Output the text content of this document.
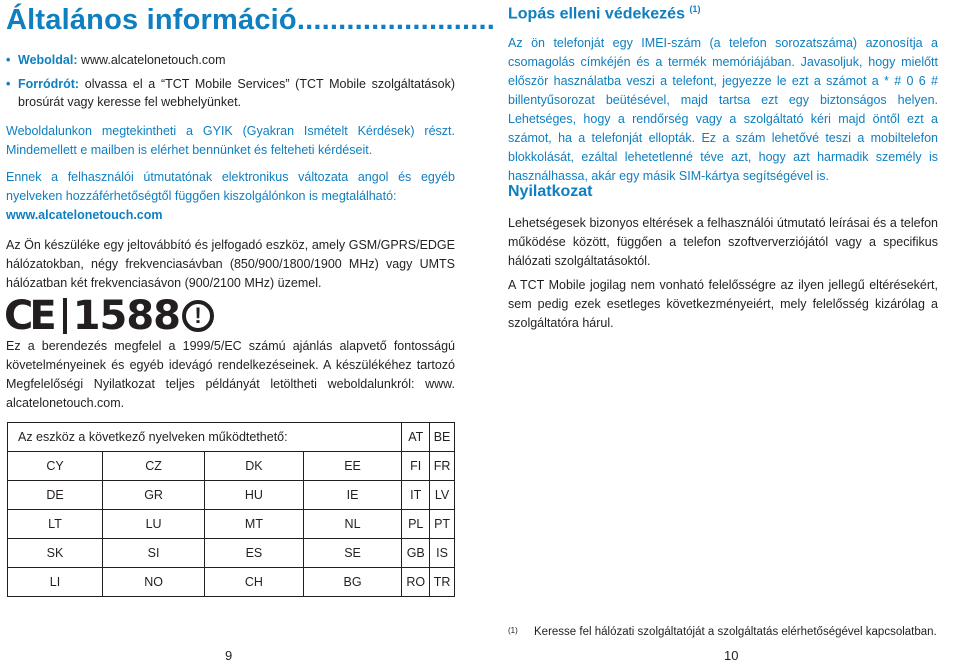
Általános információ........................
• Weboldal: www.alcatelonetouch.com
• Forródrót: olvassa el a “TCT Mobile Services” (TCT Mobile szolgáltatások) brosúrát vagy keresse fel webhelyünket.

Weboldalunkon megtekintheti a GYIK (Gyakran Ismételt Kérdések) részt. Mindemellett e mailben is elérhet bennünket és felteheti kérdéseit.

Ennek a felhasználói útmutatónak elektronikus változata angol és egyéb nyelveken hozzáférhetőségtől függően kiszolgálónkon is megtalálható:
www.alcatelonetouch.com

Az Ön készüléke egy jeltovábbító és jelfogadó eszköz, amely GSM/GPRS/EDGE hálózatokban, négy frekvenciasávban (850/900/1800/1900 MHz) vagy UMTS hálózatban két frekvenciasávon (900/2100 MHz) üzemel.

CE 1588 !

Ez a berendezés megfelel a 1999/5/EC számú ajánlás alapvető fontosságú követelményeinek és egyéb idevágó rendelkezéseinek. A készülékéhez tartozó Megfelelőségi Nyilatkozat teljes példányát letöltheti weboldalunkról: www. alcatelonetouch.com.

Az eszköz a következő nyelveken működtethető:				AT	BE
CY	CZ	DK	EE	FI	FR
DE	GR	HU	IE	IT	LV
LT	LU	MT	NL	PL	PT
SK	SI	ES	SE	GB	IS
LI	NO	CH	BG	RO	TR
9
Lopás elleni védekezés $^{(1)}$

Az ön telefonját egy IMEI-szám (a telefon sorozatszáma) azonosítja a csomagolás címkéjén és a termék memóriájában. Javasoljuk, hogy mielőtt először használatba veszi a telefont, jegyezze le ezt a számot a * # 0 6 # billentyűsorozat beütésével, majd tartsa ezt egy biztonságos helyen. Lehetséges, hogy a rendőrség vagy a szolgáltató kéri majd öntől ezt a számot, ha a telefonját ellopták. Ez a szám lehetővé teszi a mobiltelefon blokkolását, ezáltal lehetetlenné téve azt, hogy azt harmadik személy is használhassa, akár egy másik SIM-kártya segítségével is.

Nyilatkozat

Lehetségesek bizonyos eltérések a felhasználói útmutató leírásai és a telefon működése között, függően a telefon szoftververziójától vagy a specifikus hálózati szolgáltatásoktól.

A TCT Mobile jogilag nem vonható felelősségre az ilyen jellegű eltérésekért, sem pedig ezek esetleges következményeiért, mely felelősség kizárólag a szolgáltatóra hárul.

(1)	Keresse fel hálózati szolgáltatóját a szolgáltatás elérhetőségével kapcsolatban.
10
